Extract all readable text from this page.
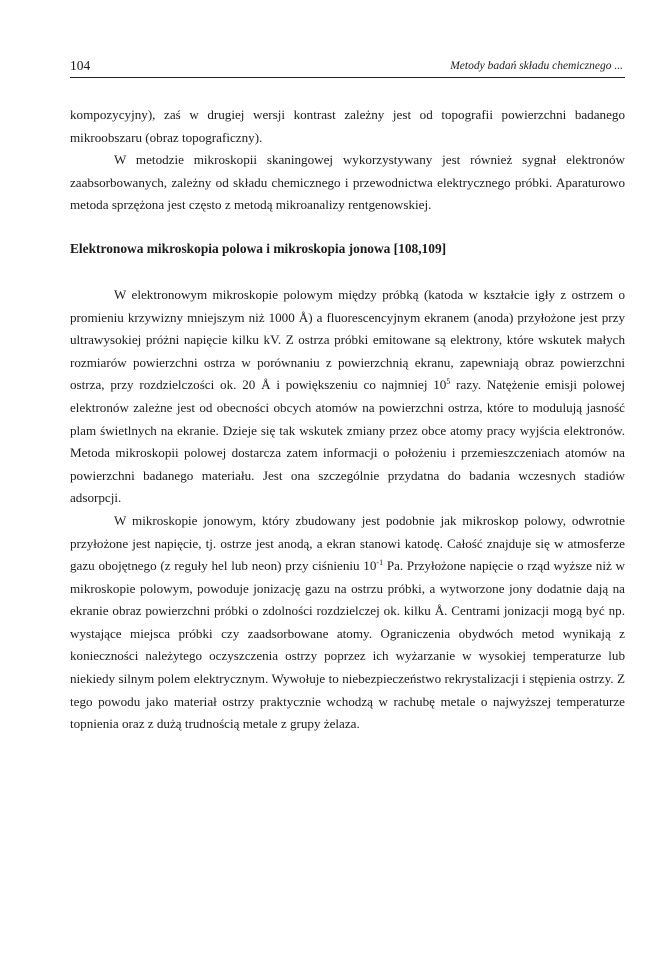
104	Metody badań składu chemicznego ...

kompozycyjny), zaś w drugiej wersji kontrast zależny jest od topografii powierzchni badanego mikroobszaru (obraz topograficzny).

W metodzie mikroskopii skaningowej wykorzystywany jest również sygnał elektronów zaabsorbowanych, zależny od składu chemicznego i przewodnictwa elektrycznego próbki. Aparaturowo metoda sprzężona jest często z metodą mikroanalizy rentgenowskiej.

Elektronowa mikroskopia polowa i mikroskopia jonowa [108,109]

W elektronowym mikroskopie polowym między próbką (katoda w kształcie igły z ostrzem o promieniu krzywizny mniejszym niż 1000 Å) a fluorescencyjnym ekranem (anoda) przyłożone jest przy ultrawysokiej próżni napięcie kilku kV. Z ostrza próbki emitowane są elektrony, które wskutek małych rozmiarów powierzchni ostrza w porównaniu z powierzchnią ekranu, zapewniają obraz powierzchni ostrza, przy rozdzielczości ok. 20 Å i powiększeniu co najmniej $10^5$ razy. Natężenie emisji polowej elektronów zależne jest od obecności obcych atomów na powierzchni ostrza, które to modulują jasność plam świetlnych na ekranie. Dzieje się tak wskutek zmiany przez obce atomy pracy wyjścia elektronów. Metoda mikroskopii polowej dostarcza zatem informacji o położeniu i przemieszczeniach atomów na powierzchni badanego materiału. Jest ona szczególnie przydatna do badania wczesnych stadiów adsorpcji.

W mikroskopie jonowym, który zbudowany jest podobnie jak mikroskop polowy, odwrotnie przyłożone jest napięcie, tj. ostrze jest anodą, a ekran stanowi katodę. Całość znajduje się w atmosferze gazu obojętnego (z reguły hel lub neon) przy ciśnieniu $10^{-1}$ Pa. Przyłożone napięcie o rząd wyższe niż w mikroskopie polowym, powoduje jonizację gazu na ostrzu próbki, a wytworzone jony dodatnie dają na ekranie obraz powierzchni próbki o zdolności rozdzielczej ok. kilku Å. Centrami jonizacji mogą być np. wystające miejsca próbki czy zaadsorbowane atomy. Ograniczenia obydwóch metod wynikają z konieczności należytego oczyszczenia ostrzy poprzez ich wyżarzanie w wysokiej temperaturze lub niekiedy silnym polem elektrycznym. Wywołuje to niebezpieczeństwo rekrystalizacji i stępienia ostrzy. Z tego powodu jako materiał ostrzy praktycznie wchodzą w rachubę metale o najwyższej temperaturze topnienia oraz z dużą trudnością metale z grupy żelaza.
